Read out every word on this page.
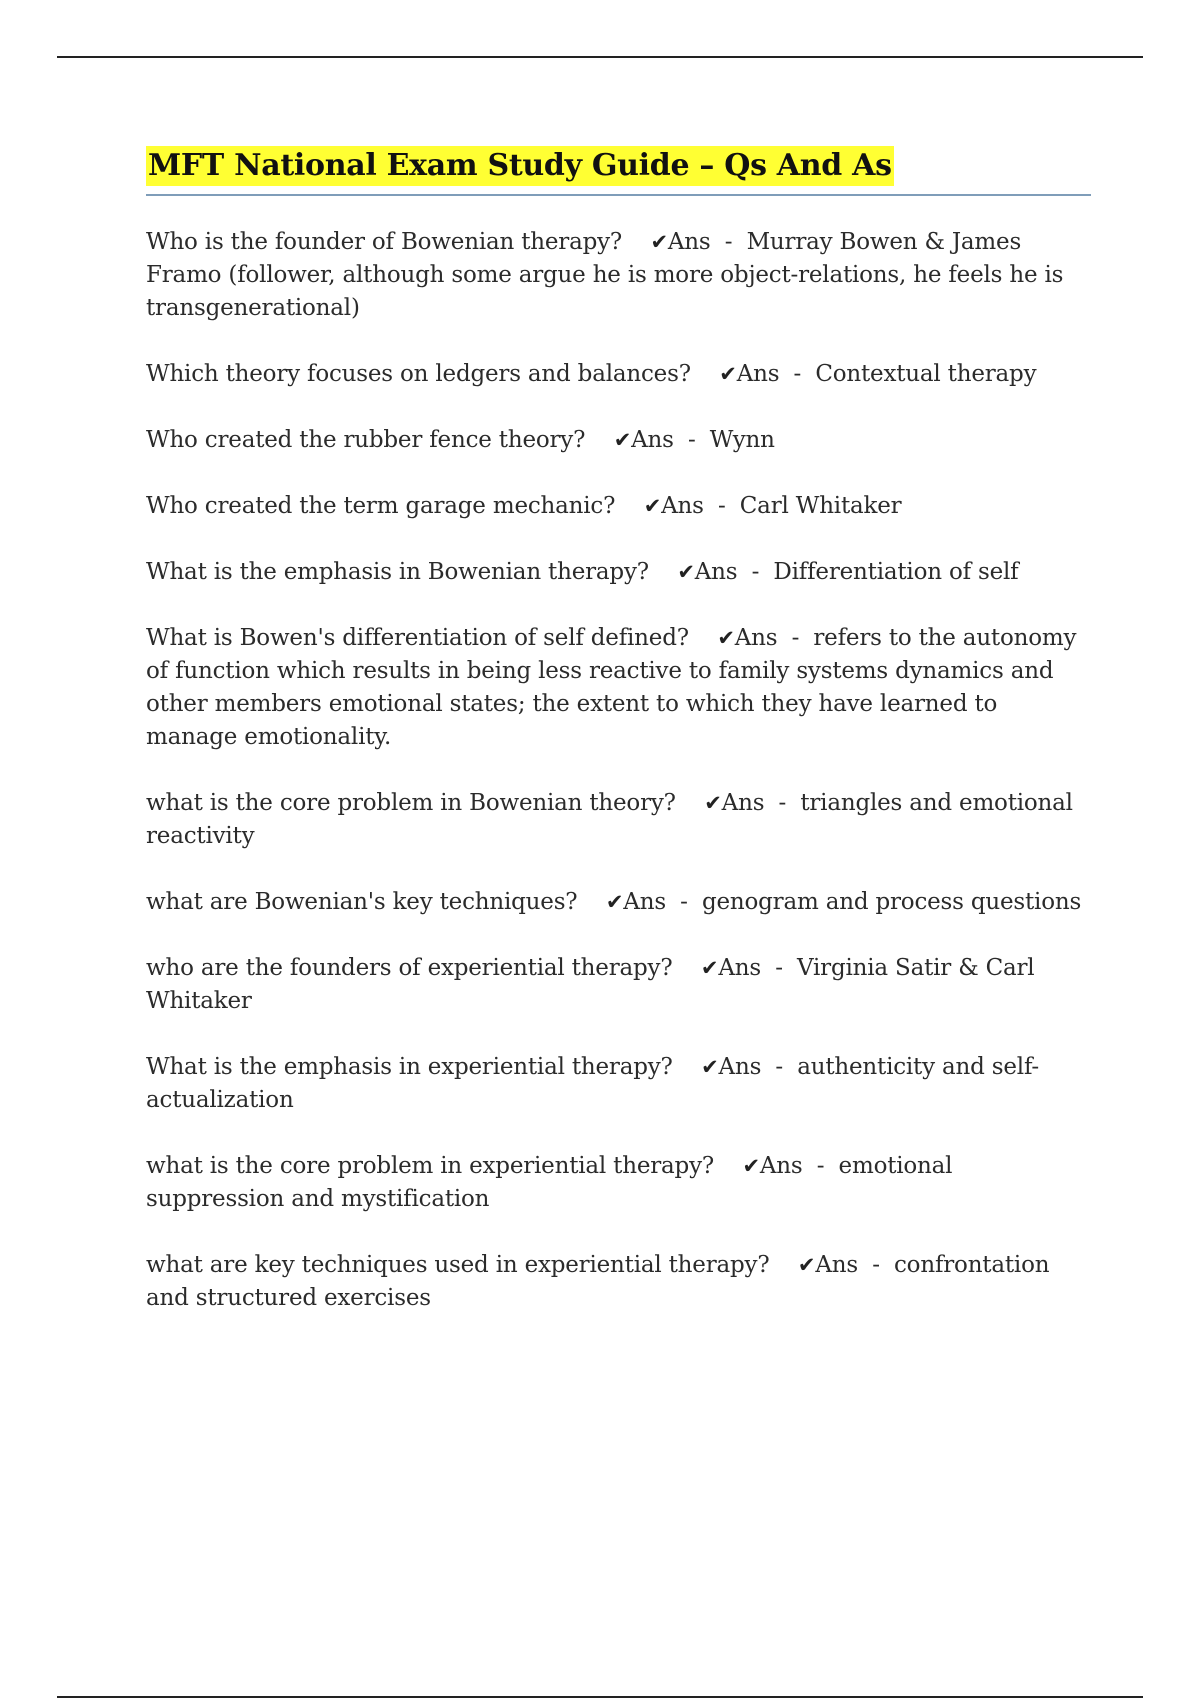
MFT National Exam Study Guide – Qs And As
Who is the founder of Bowenian therapy? ✔Ans  -  Murray Bowen & James Framo (follower, although some argue he is more object-relations, he feels he is transgenerational)
Which theory focuses on ledgers and balances? ✔Ans  -  Contextual therapy
Who created the rubber fence theory? ✔Ans  -  Wynn
Who created the term garage mechanic? ✔Ans  -  Carl Whitaker
What is the emphasis in Bowenian therapy? ✔Ans  -  Differentiation of self
What is Bowen's differentiation of self defined? ✔Ans  -  refers to the autonomy of function which results in being less reactive to family systems dynamics and other members emotional states; the extent to which they have learned to manage emotionality.
what is the core problem in Bowenian theory? ✔Ans  -  triangles and emotional reactivity
what are Bowenian's key techniques? ✔Ans  -  genogram and process questions
who are the founders of experiential therapy? ✔Ans  -  Virginia Satir & Carl Whitaker
What is the emphasis in experiential therapy? ✔Ans  -  authenticity and self-actualization
what is the core problem in experiential therapy? ✔Ans  -  emotional suppression and mystification
what are key techniques used in experiential therapy? ✔Ans  -  confrontation and structured exercises
